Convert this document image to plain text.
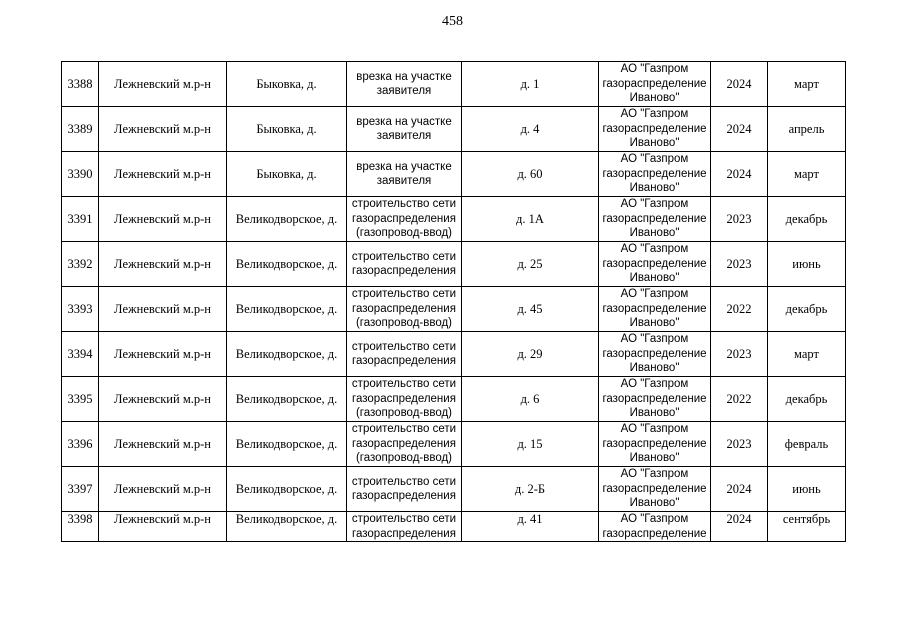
458
3388	Лежневский м.р-н	Быковка, д.	врезка на участке
заявителя	д. 1	АО "Газпром
газораспределение
Иваново"	2024	март
3389	Лежневский м.р-н	Быковка, д.	врезка на участке
заявителя	д. 4	АО "Газпром
газораспределение
Иваново"	2024	апрель
3390	Лежневский м.р-н	Быковка, д.	врезка на участке
заявителя	д. 60	АО "Газпром
газораспределение
Иваново"	2024	март
3391	Лежневский м.р-н	Великодворское, д.	строительство сети
газораспределения
(газопровод-ввод)	д. 1А	АО "Газпром
газораспределение
Иваново"	2023	декабрь
3392	Лежневский м.р-н	Великодворское, д.	строительство сети
газораспределения	д. 25	АО "Газпром
газораспределение
Иваново"	2023	июнь
3393	Лежневский м.р-н	Великодворское, д.	строительство сети
газораспределения
(газопровод-ввод)	д. 45	АО "Газпром
газораспределение
Иваново"	2022	декабрь
3394	Лежневский м.р-н	Великодворское, д.	строительство сети
газораспределения	д. 29	АО "Газпром
газораспределение
Иваново"	2023	март
3395	Лежневский м.р-н	Великодворское, д.	строительство сети
газораспределения
(газопровод-ввод)	д. 6	АО "Газпром
газораспределение
Иваново"	2022	декабрь
3396	Лежневский м.р-н	Великодворское, д.	строительство сети
газораспределения
(газопровод-ввод)	д. 15	АО "Газпром
газораспределение
Иваново"	2023	февраль
3397	Лежневский м.р-н	Великодворское, д.	строительство сети
газораспределения	д. 2-Б	АО "Газпром
газораспределение
Иваново"	2024	июнь
3398	Лежневский м.р-н	Великодворское, д.	строительство сети
газораспределения	д. 41	АО "Газпром
газораспределение	2024	сентябрь
